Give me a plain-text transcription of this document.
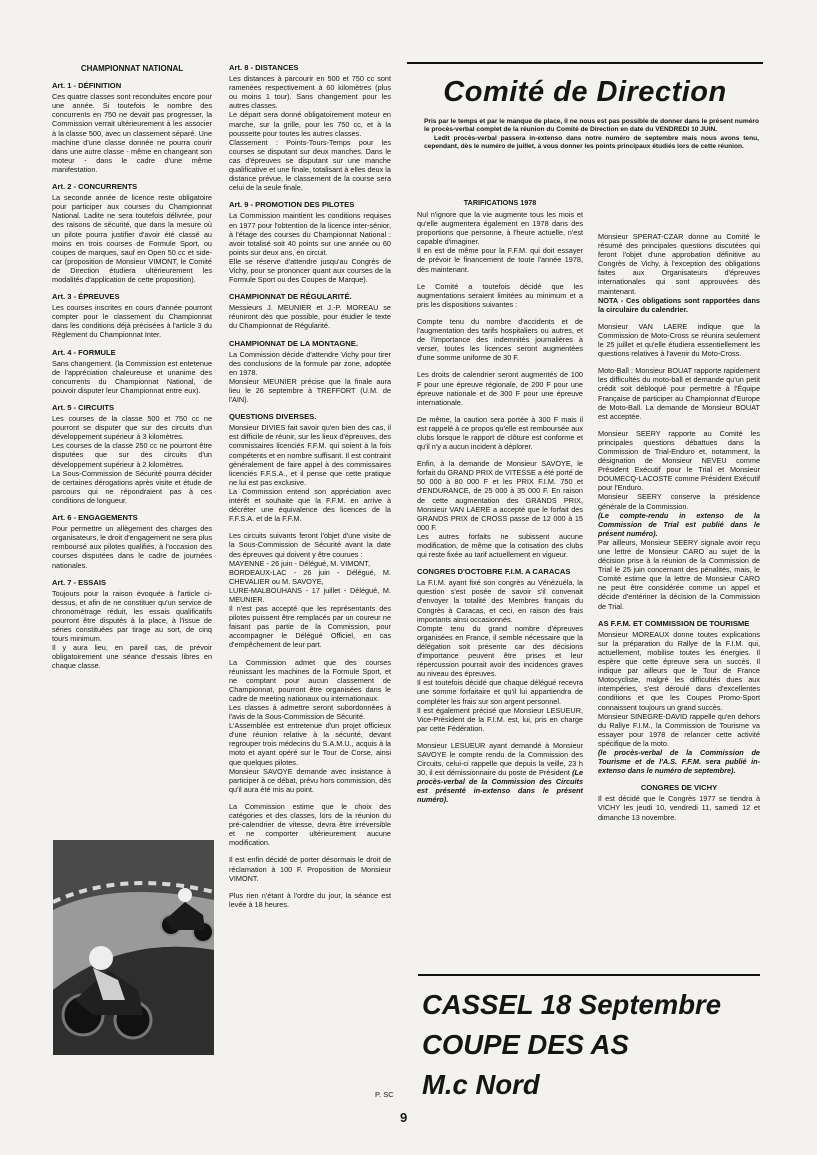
CHAMPIONNAT NATIONAL
Art. 1 - DÉFINITION

Ces quatre classes sont reconduites encore pour une année. Si toutefois le nombre des concurrents en 750 ne devait pas progresser, la Commission verrait ultérieurement à les associer à la classe 500, avec un classement séparé. Une machine d'une classe donnée ne pourra courir dans une autre classe - même en changeant son moteur - dans le cadre d'une même manifestation.

Art. 2 - CONCURRENTS

La seconde année de licence reste obligatoire pour participer aux courses du Championnat National. Ladite ne sera toutefois délivrée, pour des raisons de sécurité, que dans la mesure où un pilote pourra justifier d'avoir été classé au moins en trois courses de Formule Sport, ou coupes de marques, sauf en Open 50 cc et side-car (proposition de Monsieur VIMONT, le Comité de Direction étudiera ultérieurement les modalités d'application de cette proposition).

Art. 3 - ÉPREUVES

Les courses inscrites en cours d'année pourront compter pour le classement du Championnat dans les conditions déjà précisées à l'article 3 du Règlement du Championnat Inter.

Art. 4 - FORMULE

Sans changement. (la Commission est entetenue de l'appréciation chaleureuse et unanime des concurrents du Championnat National, de pouvoir disputer leur Championnat entre eux).

Art. 5 - CIRCUITS

Les courses de la classe 500 et 750 cc ne pourront se disputer que sur des circuits d'un développement supérieur à 3 kilomètres.

Les courses de la classe 250 cc ne pourront être disputées que sur des circuits d'un développement supérieur à 2 kilomètres.

La Sous-Commission de Sécurité pourra décider de certaines dérogations après visite et étude de parcours qui ne répondraient pas à ces conditions de longueur.

Art. 6 - ENGAGEMENTS

Pour permettre un allègement des charges des organisateurs, le droit d'engagement ne sera plus remboursé aux pilotes qualifiés, à l'occasion des courses disputées dans le cadre de journées nationales.

Art. 7 - ESSAIS

Toujours pour la raison évoquée à l'article ci-dessus, et afin de ne constituer qu'un service de chronométrage réduit, les essais qualificatifs pourront être disputés à la place, à l'issue de séries constituées par tirage au sort, de cinq tours minimum.

Il y aura lieu, en pareil cas, de prévoir obligatoirement une séance d'essais libres en chaque classe.

Art. 8 - DISTANCES

Les distances à parcourir en 500 et 750 cc sont ramenées respectivement à 60 kilomètres (plus ou moins 1 tour). Sans changement pour les autres classes.

Le départ sera donné obligatoirement moteur en marche, sur la grille, pour les 750 cc, et à la poussette pour toutes les autres classes.

Classement : Points-Tours-Temps pour les courses se disputant sur deux manches. Dans le cas d'épreuves se disputant sur une manche qualificative et une finale, totalisant à elles deux la distance prévue, le classement de la course sera celui de la seule finale.

Art. 9 - PROMOTION DES PILOTES

La Commission maintient les conditions requises en 1977 pour l'obtention de la licence inter-sénior, à l'étage des courses du Championnat National : avoir totalisé soit 40 points sur une année ou 60 points sur deux ans, en circuit.

Elle se réserve d'attendre jusqu'au Congrès de Vichy, pour se prononcer quant aux courses de la Formule Sport ou des Coupes de Marque).

CHAMPIONNAT DE RÉGULARITÉ.

Messieurs J. MEUNIER et J.-P. MOREAU se réuniront dès que possible, pour étudier le texte du Championnat de Régularité.

CHAMPIONNAT DE LA MONTAGNE.

La Commission décide d'attendre Vichy pour tirer des conclusions de la formule par zone, adoptée en 1978.

Monsieur MEUNIER précise que la finale aura lieu le 26 septembre à TREFFORT (U.M. de l'AIN).

QUESTIONS DIVERSES.

Monsieur DIVIES fait savoir qu'en bien des cas, il est difficile de réunir, sur les lieux d'épreuves, des commissaires licenciés F.F.M. qui soient à la fois compétents et en nombre suffisant. Il est contraint généralement de faire appel à des commissaires licenciés F.F.S.A., et il pense que cette pratique ne lui est pas exclusive.

La Commission entend son appréciation avec intérêt et souhaite que la F.F.M. en arrive à décréter une équivalence des licences de la F.F.S.A. et de la F.F.M.

Les circuits suivants feront l'objet d'une visite de la Sous-Commission de Sécurité avant la date des épreuves qui doivent y être courues :

MAYENNE - 26 juin - Délégué, M. VIMONT,

BORDEAUX-LAC - 26 juin - Délégué, M. CHEVALIER ou M. SAVOYE,

LURE-MALBOUHANS - 17 juillet - Délégué, M. MEUNIER.

Il n'est pas accepté que les représentants des pilotes puissent être remplacés par un coureur ne faisant pas partie de la Commission, pour accompagner le Délégué Officiel, en cas d'empêchement de leur part.

La Commission admet que des courses réunissant les machines de la Formule Sport, et ne comptant pour aucun classement de Championnat, pourront être organisées dans le cadre de meeting nationaux ou internationaux.

Les classes à admettre seront subordonnées à l'avis de la Sous-Commission de Sécurité.

L'Assemblée est entretenue d'un projet officieux d'une réunion relative à la sécurité, devant regrouper trois médecins du S.A.M.U., acquis à la moto et ayant opéré sur le Tour de Corse, ainsi que quelques pilotes.

Monsieur SAVOYE demande avec insistance à participer à ce débat, prévu hors commission, dès qu'il aura été mis au point.

La Commission estime que le choix des catégories et des classes, lors de la réunion du pré-calendrier de vitesse, devra être irréversible et ne comporter ultérieurement aucune modification.

Il est enfin décidé de porter désormais le droit de réclamation à 100 F. Proposition de Monsieur VIMONT.

Plus rien n'étant à l'ordre du jour, la séance est levée à 18 heures.

Comité de Direction

Pris par le temps et par le manque de place, il ne nous est pas possible de donner dans le présent numéro le procès-verbal complet de la réunion du Comité de Direction en date du VENDREDI 10 JUIN.

Ledit procès-verbal passera in-extenso dans notre numéro de septembre mais nous avons tenu, cependant, dès le numéro de juillet, à vous donner les points principaux étudiés lors de cette réunion.

TARIFICATIONS 1978

Nul n'ignore que la vie augmente tous les mois et qu'elle augmentera également en 1978 dans des proportions que personne, à l'heure actuelle, n'est capable d'imaginer.

Il en est de même pour la F.F.M. qui doit essayer de prévoir le financement de toute l'année 1978, dès maintenant.

Le Comité a toutefois décidé que les augmentations seraient limitées au minimum et a pris les dispositions suivantes :

Compte tenu du nombre d'accidents et de l'augmentation des tarifs hospitaliers ou autres, et de l'importance des indemnités journalières à verser, toutes les licences seront augmentées d'une somme uniforme de 30 F.

Les droits de calendrier seront augmentés de 100 F pour une épreuve régionale, de 200 F pour une épreuve nationale et de 300 F pour une épreuve internationale.

De même, la caution sera portée à 300 F mais il est rappelé à ce propos qu'elle est remboursée aux clubs lorsque le rapport de clôture est conforme et qu'il n'y a aucun incident à déplorer.

Enfin, à la demande de Monsieur SAVOYE, le forfait du GRAND PRIX de VITESSE a été porté de 50 000 à 80 000 F et les PRIX F.I.M. 750 et d'ENDURANCE, de 25 000 à 35 000 F. En raison de cette augmentation des GRANDS PRIX, Monsieur VAN LAERE a accepté que le forfait des GRANDS PRIX de CROSS passe de 12 000 à 15 000 F.

Les autres forfaits ne subissent aucune modification, de même que la cotisation des clubs qui reste fixée au tarif actuellement en vigueur.

CONGRES D'OCTOBRE F.I.M. A CARACAS

La F.I.M. ayant fixé son congrès au Vénézuéla, la question s'est posée de savoir s'il convenait d'envoyer la totalité des Membres français du Congrès à Caracas, et ceci, en raison des frais importants ainsi occasionnés.

Compte tenu du grand nombre d'épreuves organisées en France, il semble nécessaire que la délégation soit présente car des décisions d'importance peuvent être prises et leur répercussion pourrait avoir des incidences graves au niveau des épreuves.

Il est toutefois décidé que chaque délégué recevra une somme forfaitaire et qu'il lui appartiendra de compléter les frais sur son argent personnel.

Il est également précisé que Monsieur LESUEUR, Vice-Président de la F.I.M. est, lui, pris en charge par cette Fédération.

Monsieur LESUEUR ayant demandé à Monsieur SAVOYE le compte rendu de la Commission des Circuits, celui-ci rappelle que depuis la veille, 23 h 30, il est démissionnaire du poste de Président (Le procès-verbal de la Commission des Circuits est présenté in-extenso dans le présent numéro).

Monsieur SPERAT-CZAR donne au Comité le résumé des principales questions discutées qui feront l'objet d'une approbation définitive au Congrès de Vichy, à l'exception des obligations faites aux Organisateurs d'épreuves internationales qui sont approuvées dès maintenant.

NOTA - Ces obligations sont rapportées dans la circulaire du calendrier.

Monsieur VAN LAERE indique que la Commission de Moto-Cross se réunira seulement le 25 juillet et qu'elle étudiera essentiellement les questions relatives à l'avenir du Moto-Cross.

Moto-Ball : Monsieur BOUAT rapporte rapidement les difficultés du moto-ball et demande qu'un petit crédit soit débloqué pour permettre à l'Équipe Française de participer au Championnat d'Europe de Moto-Ball. La demande de Monsieur BOUAT est acceptée.

Monsieur SEERY rapporte au Comité les principales questions débattues dans la Commission de Trial-Enduro et, notamment, la désignation de Monsieur NEVEU comme Président Exécutif pour le Trial et Monsieur DOUMECQ-LACOSTE comme Président Exécutif pour l'Enduro.

Monsieur SEERY conserve la présidence générale de la Commission.

(Le compte-rendu in extenso de la Commission de Trial est publié dans le présent numéro).

Par ailleurs, Monsieur SEERY signale avoir reçu une lettre de Monsieur CARO au sujet de la décision prise à la réunion de la Commission de Trial le 25 juin concernant des pénalités, mais, le Comité estime que la lettre de Monsieur CARO ne peut être considérée comme un appel et décide d'entériner la décision de la Commission de Trial.

AS F.F.M. ET COMMISSION DE TOURISME

Monsieur MOREAUX donne toutes explications sur la préparation du Rallye de la F.I.M. qui, actuellement, mobilise toutes les énergies. Il espère que cette épreuve sera un succès. Il indique par ailleurs que le Tour de France Motocycliste, malgré les difficultés dues aux intempéries, s'est déroulé dans d'excellentes conditions et que les Coupes Promo-Sport connaissent toujours un grand succès.

Monsieur SINEGRE-DAVID rappelle qu'en dehors du Rallye F.I.M., la Commission de Tourisme va essayer pour 1978 de relancer cette activité spécifique de la moto.

(le procès-verbal de la Commission de Tourisme et de l'A.S. F.F.M. sera publié in-extenso dans le numéro de septembre).

CONGRES DE VICHY

Il est décidé que le Congrès 1977 se tiendra à VICHY les jeudi 10, vendredi 11, samedi 12 et dimanche 13 novembre.

CASSEL 18 Septembre
COUPE DES AS
M.c Nord
P. SC
9
